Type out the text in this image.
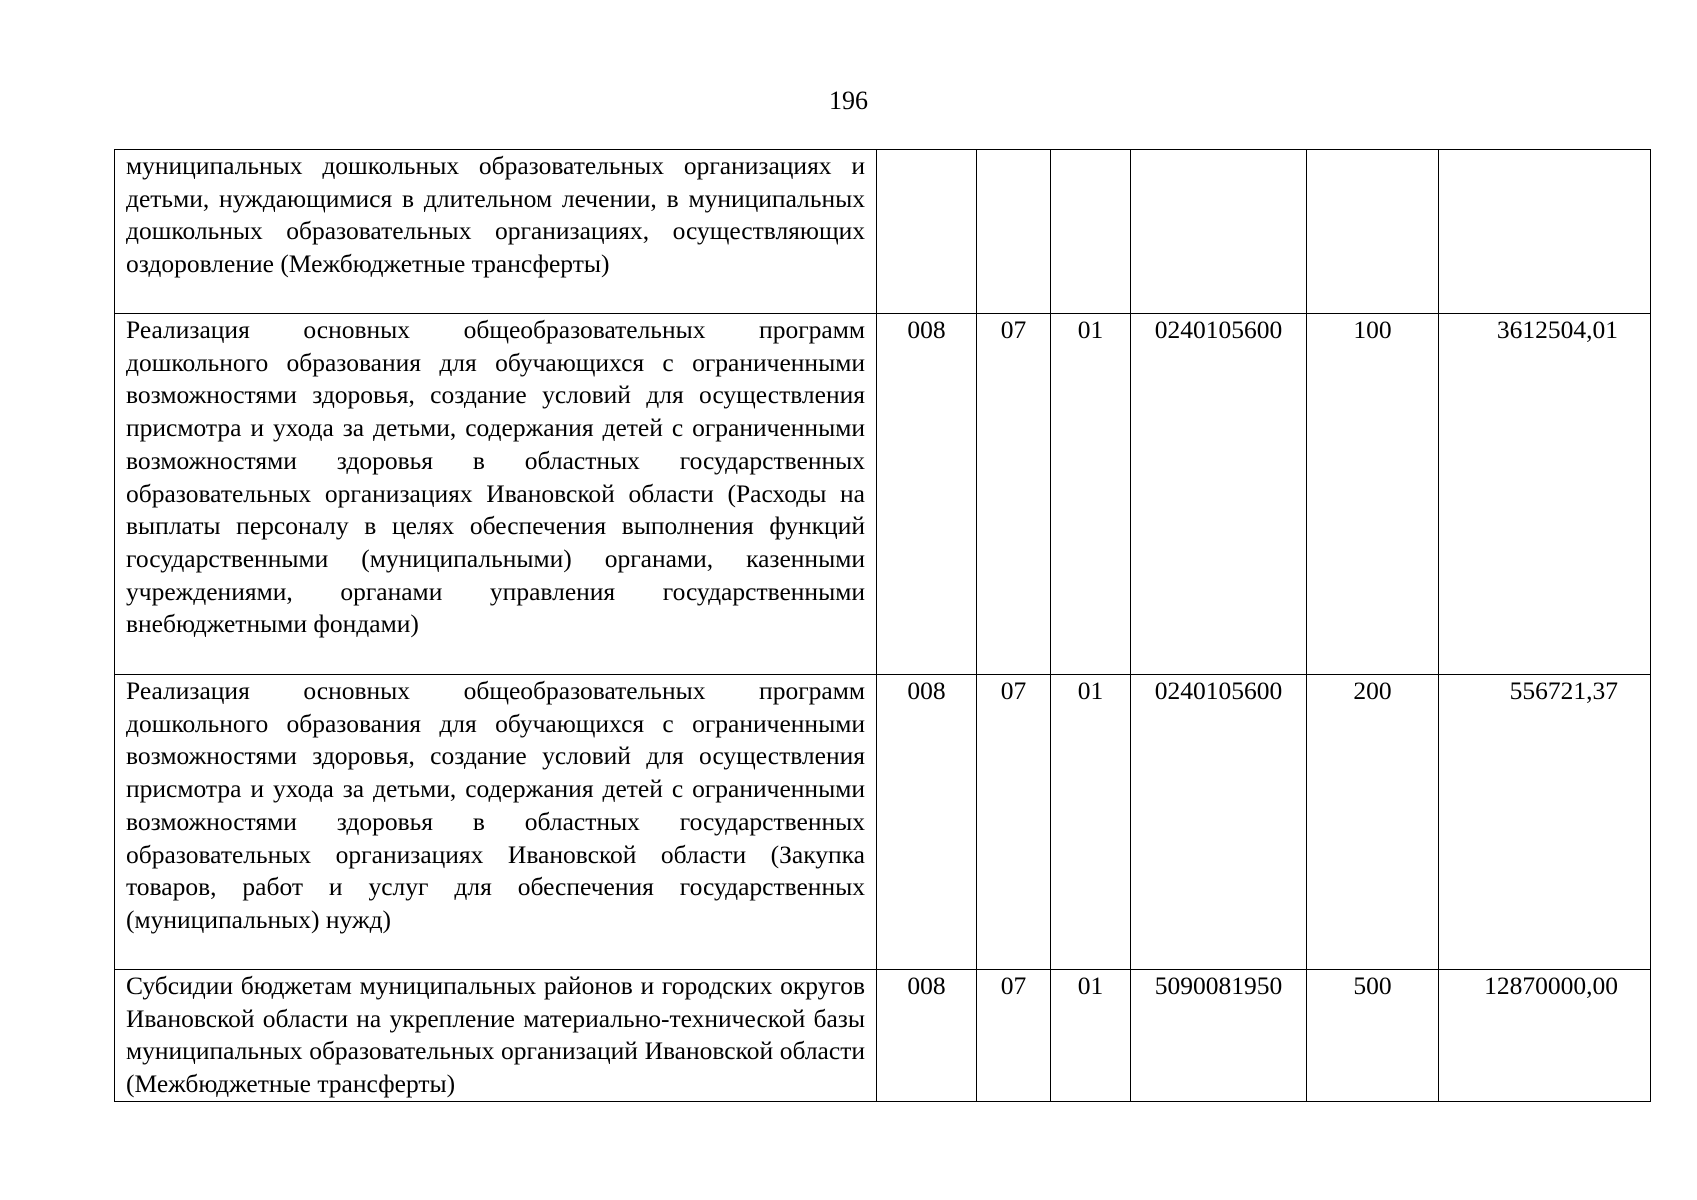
196
муниципальных дошкольных образовательных организациях и детьми, нуждающимися в длительном лечении, в муниципальных дошкольных образовательных организациях, осуществляющих оздоровление (Межбюджетные трансферты)						
Реализация основных общеобразовательных программ дошкольного образования для обучающихся с ограниченными возможностями здоровья, создание условий для осуществления присмотра и ухода за детьми, содержания детей с ограниченными возможностями здоровья в областных государственных образовательных организациях Ивановской области (Расходы на выплаты персоналу в целях обеспечения выполнения функций государственными (муниципальными) органами, казенными учреждениями, органами управления государственными внебюджетными фондами)	008	07	01	0240105600	100	3612504,01
Реализация основных общеобразовательных программ дошкольного образования для обучающихся с ограниченными возможностями здоровья, создание условий для осуществления присмотра и ухода за детьми, содержания детей с ограниченными возможностями здоровья в областных государственных образовательных организациях Ивановской области (Закупка товаров, работ и услуг для обеспечения государственных (муниципальных) нужд)	008	07	01	0240105600	200	556721,37
Субсидии бюджетам муниципальных районов и городских округов Ивановской области на укрепление материально-технической базы муниципальных образовательных организаций Ивановской области (Межбюджетные трансферты)	008	07	01	5090081950	500	12870000,00
